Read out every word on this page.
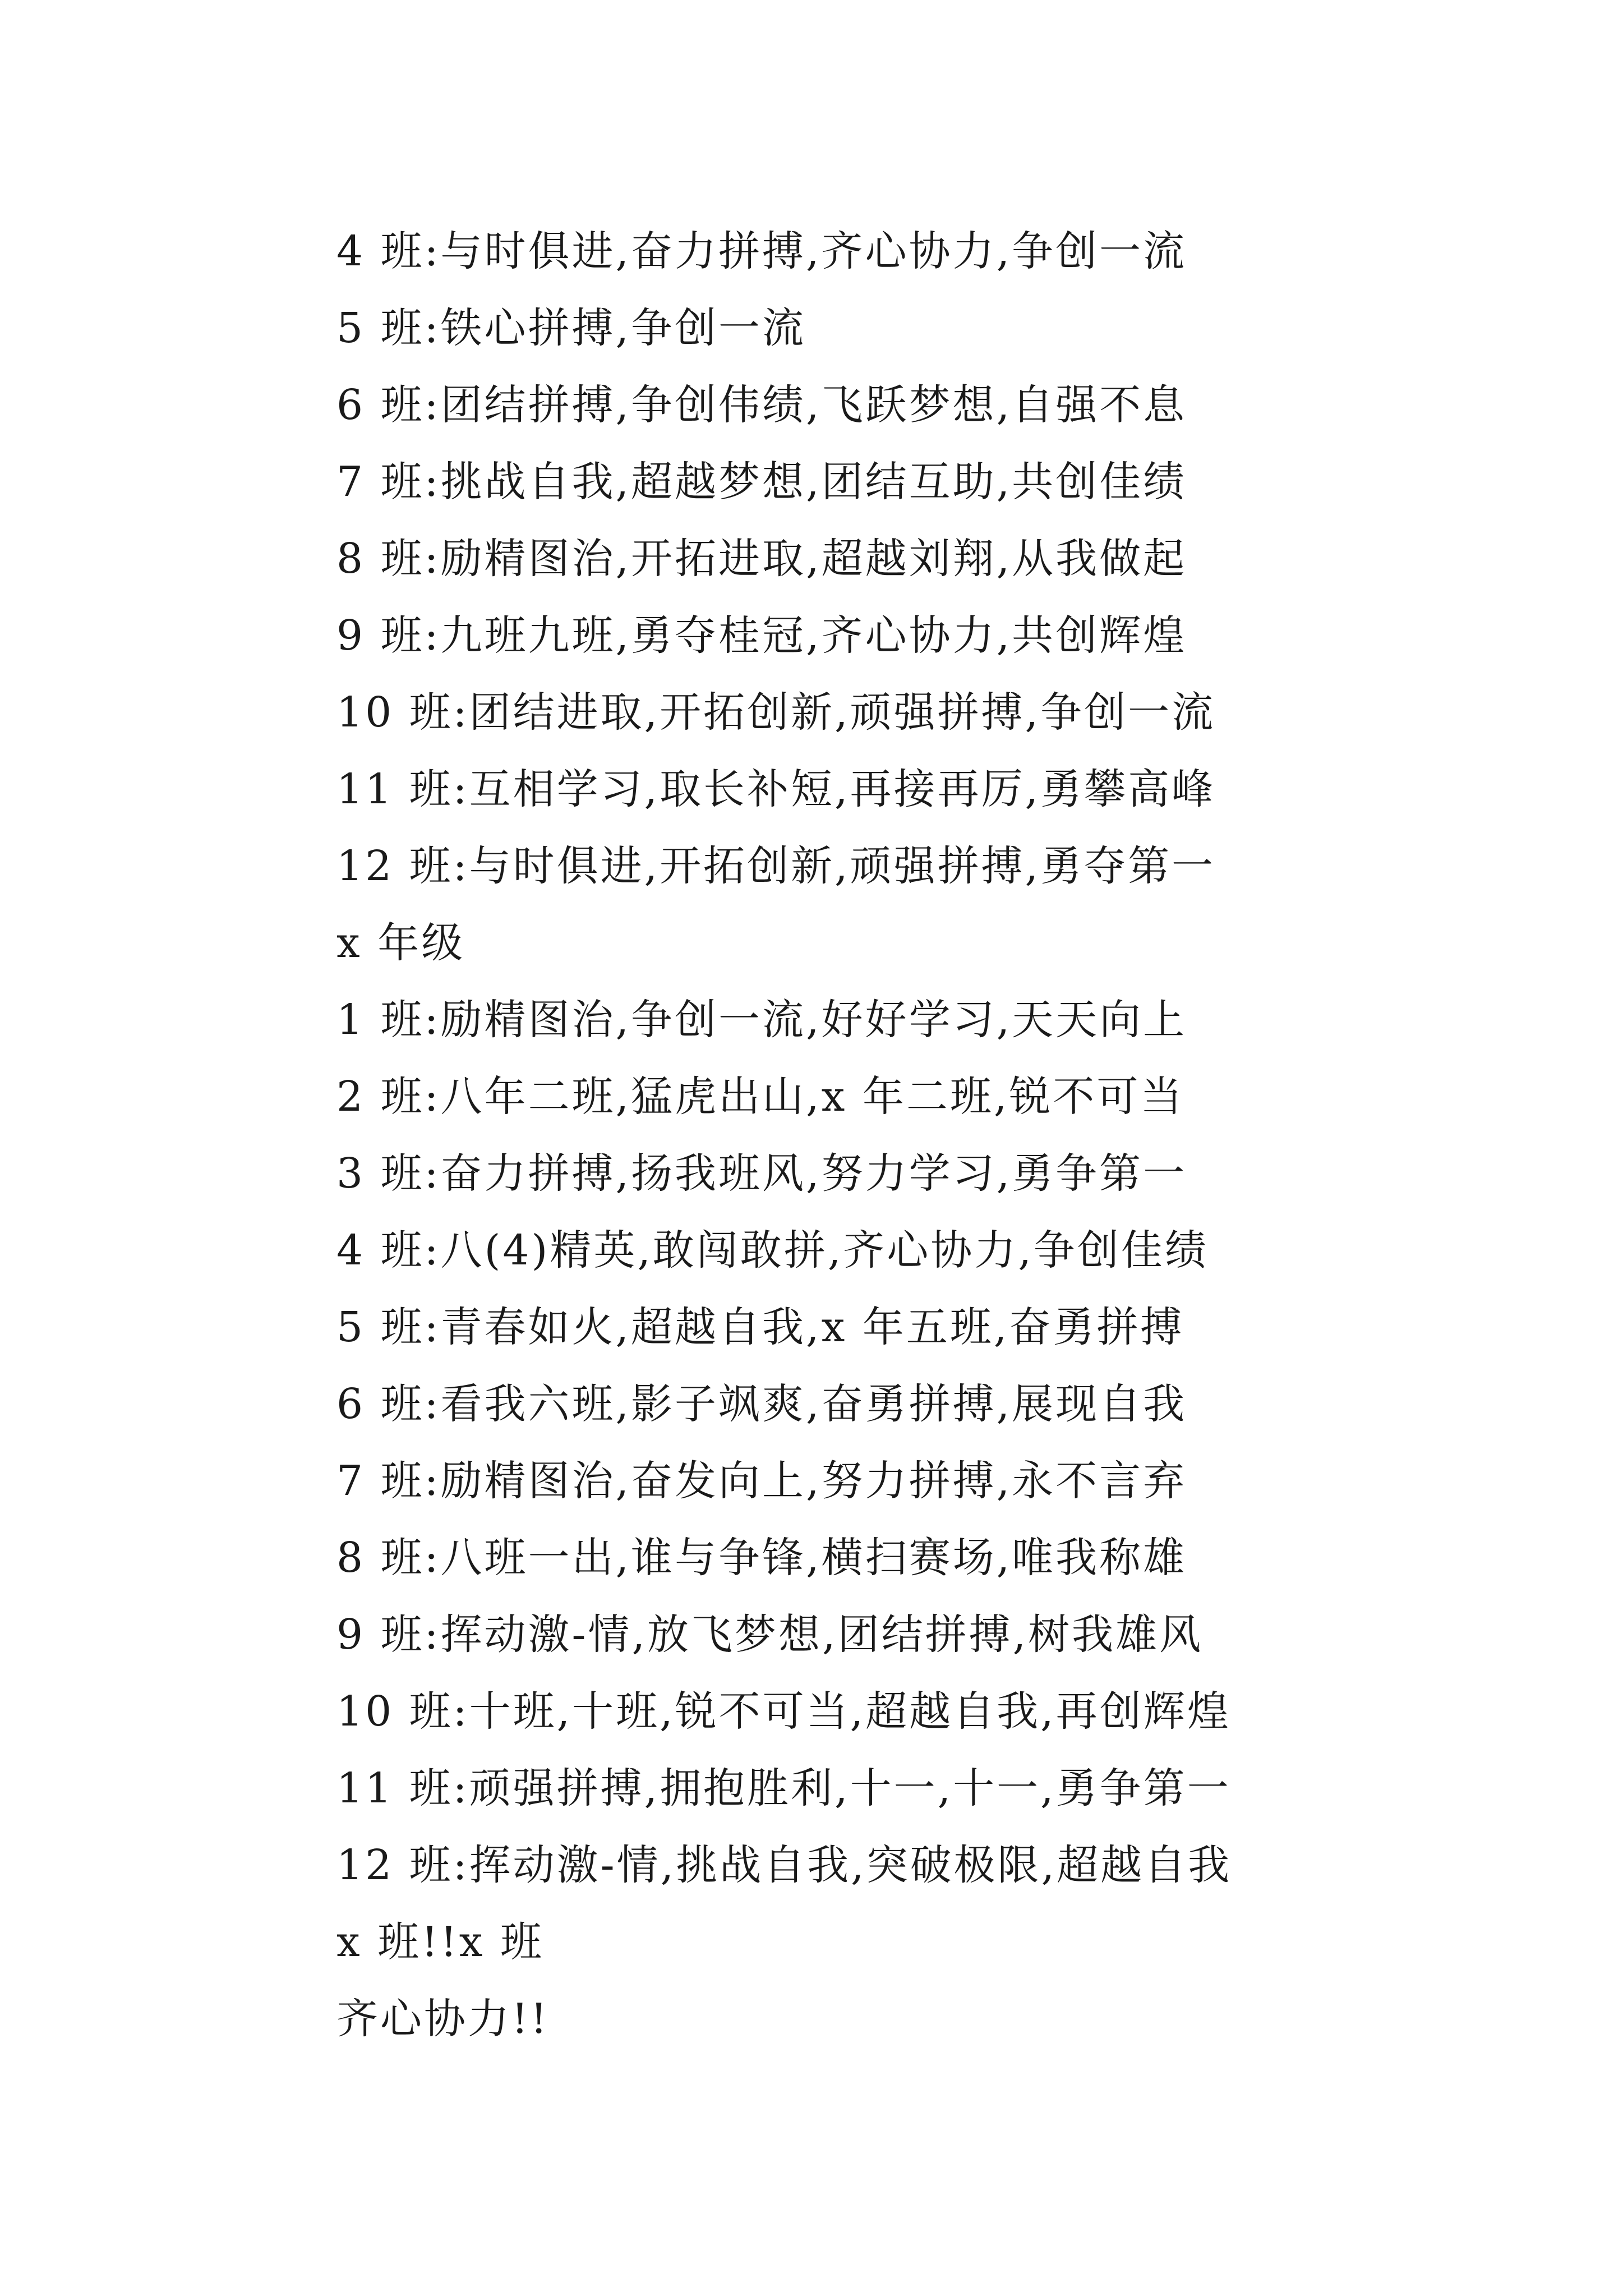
4 班:与时俱进,奋力拼搏,齐心协力,争创一流
5 班:铁心拼搏,争创一流
6 班:团结拼搏,争创伟绩,飞跃梦想,自强不息
7 班:挑战自我,超越梦想,团结互助,共创佳绩
8 班:励精图治,开拓进取,超越刘翔,从我做起
9 班:九班九班,勇夺桂冠,齐心协力,共创辉煌
10 班:团结进取,开拓创新,顽强拼搏,争创一流
11 班:互相学习,取长补短,再接再厉,勇攀高峰
12 班:与时俱进,开拓创新,顽强拼搏,勇夺第一
x 年级
1 班:励精图治,争创一流,好好学习,天天向上
2 班:八年二班,猛虎出山,x 年二班,锐不可当
3 班:奋力拼搏,扬我班风,努力学习,勇争第一
4 班:八(4)精英,敢闯敢拼,齐心协力,争创佳绩
5 班:青春如火,超越自我,x 年五班,奋勇拼搏
6 班:看我六班,影子飒爽,奋勇拼搏,展现自我
7 班:励精图治,奋发向上,努力拼搏,永不言弃
8 班:八班一出,谁与争锋,横扫赛场,唯我称雄
9 班:挥动激-情,放飞梦想,团结拼搏,树我雄风
10 班:十班,十班,锐不可当,超越自我,再创辉煌
11 班:顽强拼搏,拥抱胜利,十一,十一,勇争第一
12 班:挥动激-情,挑战自我,突破极限,超越自我
x 班!!x 班
齐心协力!!
